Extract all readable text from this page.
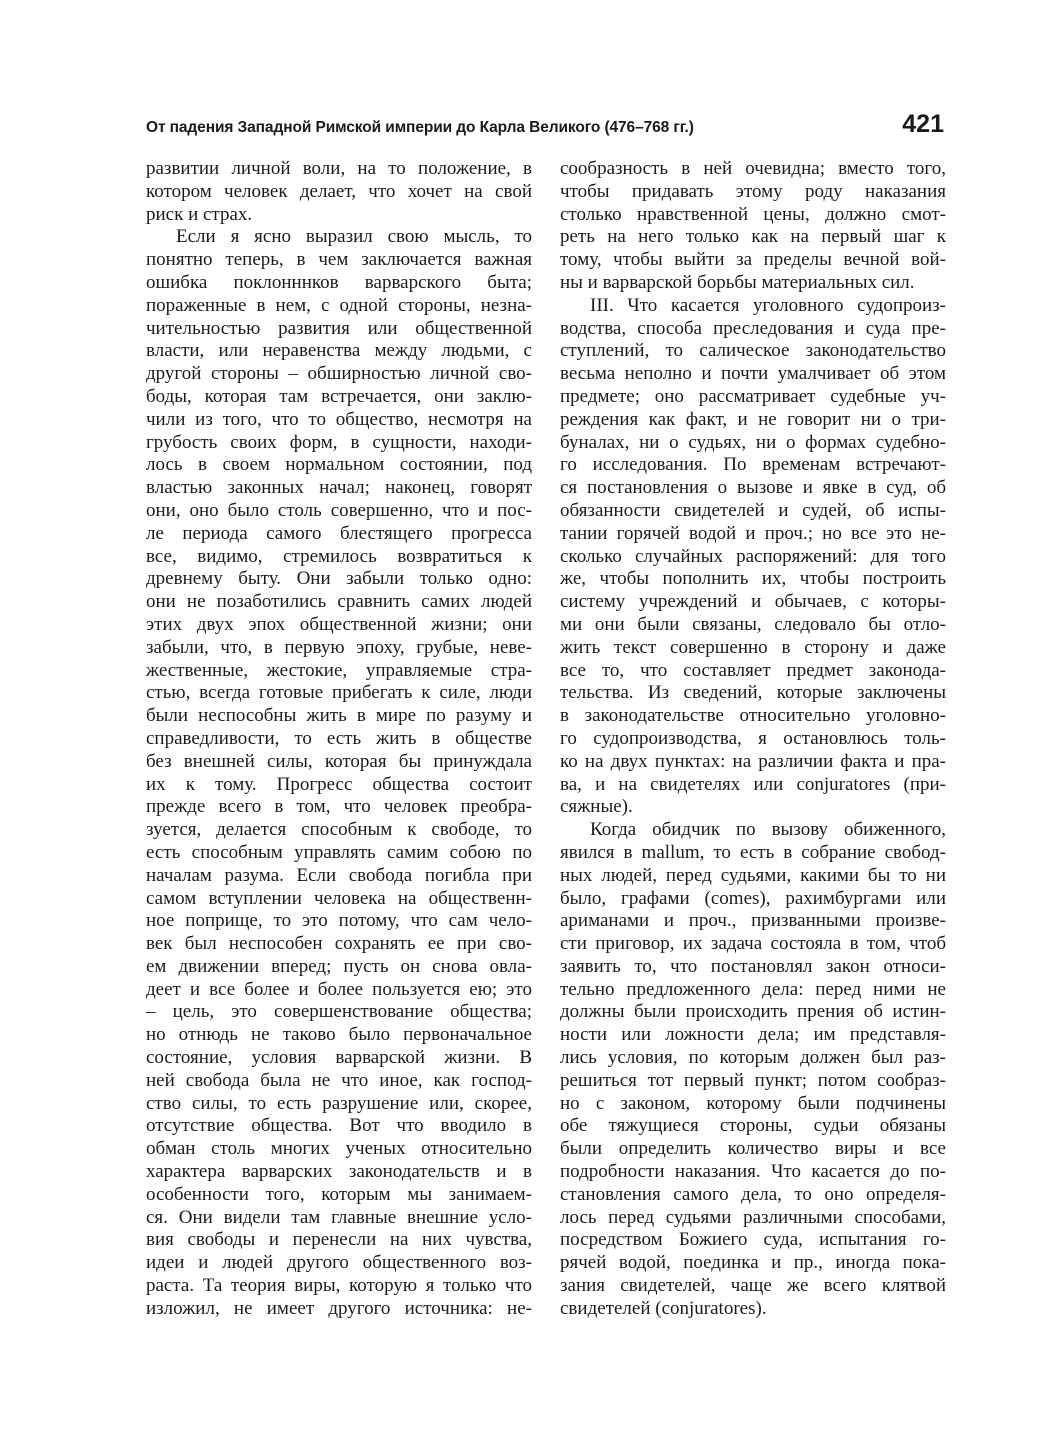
От падения Западной Римской империи до Карла Великого (476–768 гг.)	421
развитии личной воли, на то положение, в
котором человек делает, что хочет на свой
риск и страх.
Если я ясно выразил свою мысль, то
понятно теперь, в чем заключается важная
ошибка поклонннков варварского быта;
пораженные в нем, с одной стороны, незна-
чительностью развития или общественной
власти, или неравенства между людьми, с
другой стороны – обширностью личной сво-
боды, которая там встречается, они заклю-
чили из того, что то общество, несмотря на
грубость своих форм, в сущности, находи-
лось в своем нормальном состоянии, под
властью законных начал; наконец, говорят
они, оно было столь совершенно, что и пос-
ле периода самого блестящего прогресса
все, видимо, стремилось возвратиться к
древнему быту. Они забыли только одно:
они не позаботились сравнить самих людей
этих двух эпох общественной жизни; они
забыли, что, в первую эпоху, грубые, неве-
жественные, жестокие, управляемые стра-
стью, всегда готовые прибегать к силе, люди
были неспособны жить в мире по разуму и
справедливости, то есть жить в обществе
без внешней силы, которая бы принуждала
их к тому. Прогресс общества состоит
прежде всего в том, что человек преобра-
зуется, делается способным к свободе, то
есть способным управлять самим собою по
началам разума. Если свобода погибла при
самом вступлении человека на общественн-
ное поприще, то это потому, что сам чело-
век был неспособен сохранять ее при сво-
ем движении вперед; пусть он снова овла-
деет и все более и более пользуется ею; это
– цель, это совершенствование общества;
но отнюдь не таково было первоначальное
состояние, условия варварской жизни. В
ней свобода была не что иное, как господ-
ство силы, то есть разрушение или, скорее,
отсутствие общества. Вот что вводило в
обман столь многих ученых относительно
характера варварских законодательств и в
особенности того, которым мы занимаем-
ся. Они видели там главные внешние усло-
вия свободы и перенесли на них чувства,
идеи и людей другого общественного воз-
раста. Та теория виры, которую я только что
изложил, не имеет другого источника: не-
сообразность в ней очевидна; вместо того,
чтобы придавать этому роду наказания
столько нравственной цены, должно смот-
реть на него только как на первый шаг к
тому, чтобы выйти за пределы вечной вой-
ны и варварской борьбы материальных сил.
III. Что касается уголовного судопроиз-
водства, способа преследования и суда пре-
ступлений, то салическое законодательство
весьма неполно и почти умалчивает об этом
предмете; оно рассматривает судебные уч-
реждения как факт, и не говорит ни о три-
буналах, ни о судьях, ни о формах судебно-
го исследования. По временам встречают-
ся постановления о вызове и явке в суд, об
обязанности свидетелей и судей, об испы-
тании горячей водой и проч.; но все это не-
сколько случайных распоряжений: для того
же, чтобы пополнить их, чтобы построить
систему учреждений и обычаев, с которы-
ми они были связаны, следовало бы отло-
жить текст совершенно в сторону и даже
все то, что составляет предмет законода-
тельства. Из сведений, которые заключены
в законодательстве относительно уголовно-
го судопроизводства, я остановлюсь толь-
ко на двух пунктах: на различии факта и пра-
ва, и на свидетелях или conjuratores (при-
сяжные).
Когда обидчик по вызову обиженного,
явился в mallum, то есть в собрание свобод-
ных людей, перед судьями, какими бы то ни
было, графами (comes), рахимбургами или
ариманами и проч., призванными произве-
сти приговор, их задача состояла в том, чтоб
заявить то, что постановлял закон относи-
тельно предложенного дела: перед ними не
должны были происходить прения об истин-
ности или ложности дела; им представля-
лись условия, по которым должен был раз-
решиться тот первый пункт; потом сообраз-
но с законом, которому были подчинены
обе тяжущиеся стороны, судьи обязаны
были определить количество виры и все
подробности наказания. Что касается до по-
становления самого дела, то оно определя-
лось перед судьями различными способами,
посредством Божиего суда, испытания го-
рячей водой, поединка и пр., иногда пока-
зания свидетелей, чаще же всего клятвой
свидетелей (conjuratores).
